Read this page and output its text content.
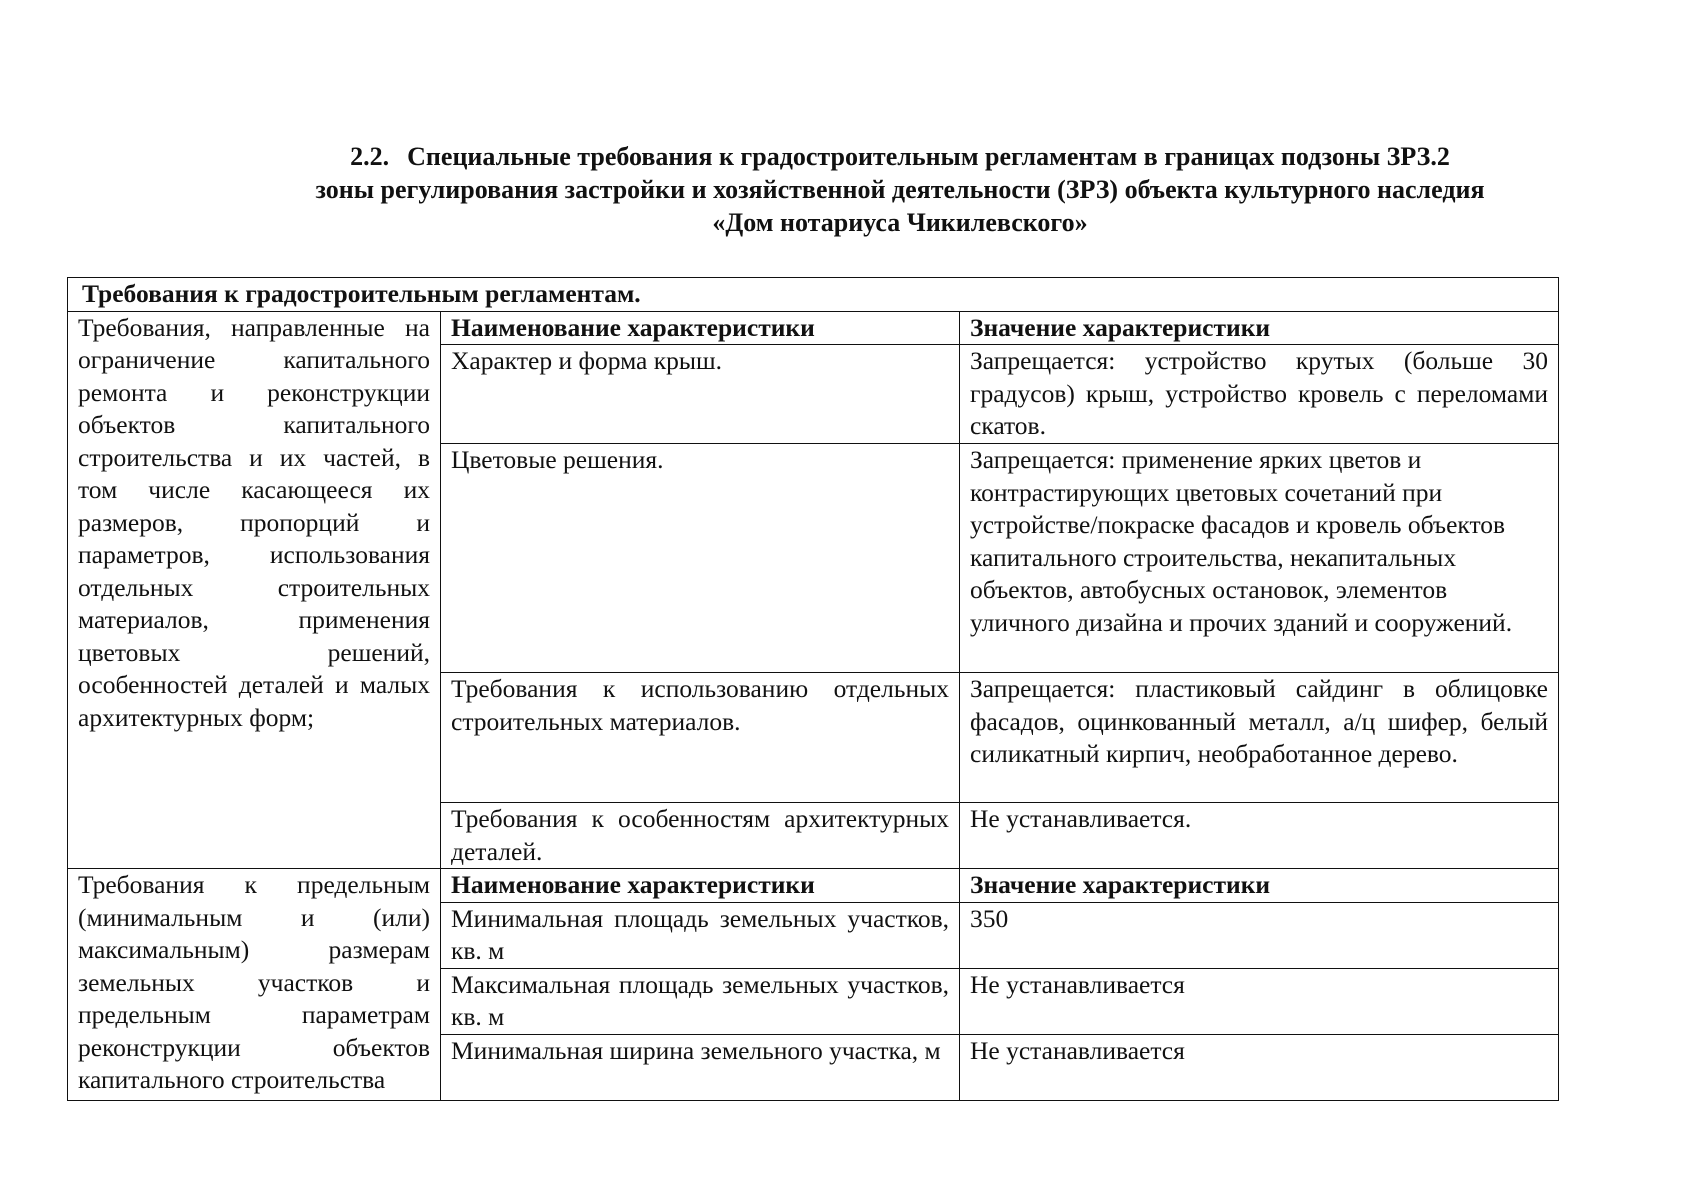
2.2. Специальные требования к градостроительным регламентам в границах подзоны ЗРЗ.2
зоны регулирования застройки и хозяйственной деятельности (ЗРЗ) объекта культурного наследия
«Дом нотариуса Чикилевского»
Требования к градостроительным регламентам.		
Требования, направленные на ограничение капитального ремонта и реконструкции объектов капитального строительства и их частей, в том числе касающееся их размеров, пропорций и параметров, использования отдельных строительных материалов, применения цветовых решений, особенностей деталей и малых архитектурных форм;	Наименование характеристики	Значение характеристики
	Характер и форма крыш.	Запрещается: устройство крутых (больше 30 градусов) крыш, устройство кровель с переломами скатов.
	Цветовые решения.	Запрещается: применение ярких цветов и контрастирующих цветовых сочетаний при устройстве/покраске фасадов и кровель объектов капитального строительства, некапитальных объектов, автобусных остановок, элементов уличного дизайна и прочих зданий и сооружений.
	Требования к использованию отдельных строительных материалов.	Запрещается: пластиковый сайдинг в облицовке фасадов, оцинкованный металл, а/ц шифер, белый силикатный кирпич, необработанное дерево.
	Требования к особенностям архитектурных деталей.	Не устанавливается.
Требования к предельным (минимальным и (или) максимальным) размерам земельных участков и предельным параметрам реконструкции объектов капитального строительства	Наименование характеристики	Значение характеристики
	Минимальная площадь земельных участков, кв. м	350
	Максимальная площадь земельных участков, кв. м	Не устанавливается
	Минимальная ширина земельного участка, м	Не устанавливается
